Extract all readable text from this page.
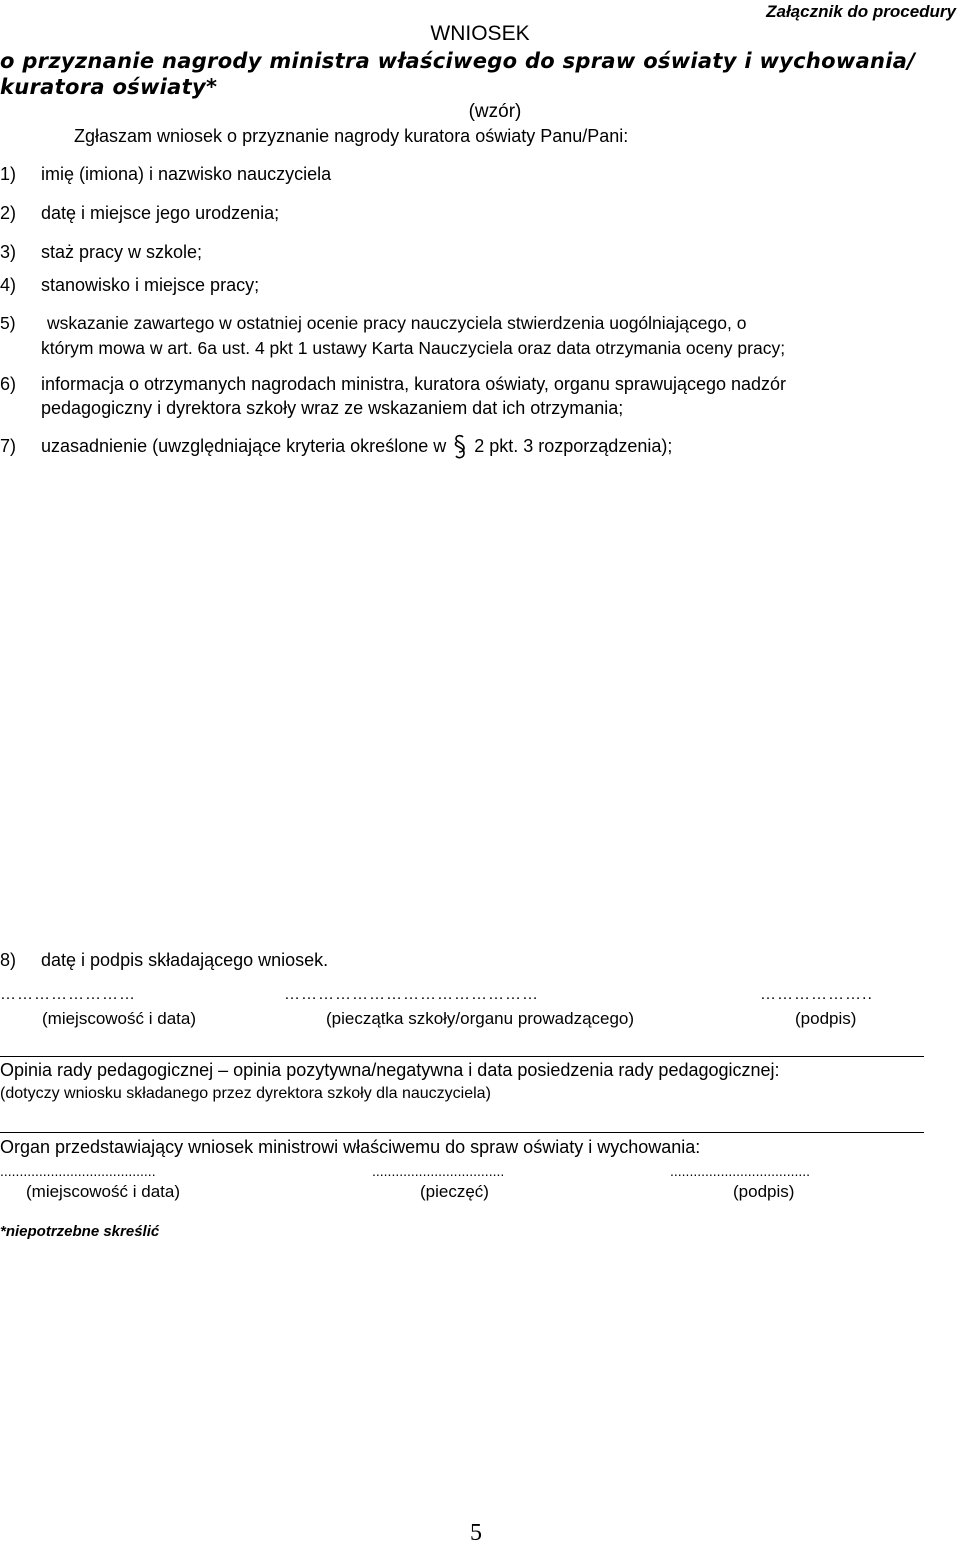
Załącznik do procedury
WNIOSEK
o przyznanie nagrody ministra właściwego do spraw oświaty i wychowania/ kuratora oświaty*
(wzór)
Zgłaszam wniosek o przyznanie nagrody kuratora oświaty Panu/Pani:
1) imię (imiona) i nazwisko nauczyciela
2) datę i miejsce jego urodzenia;
3) staż pracy w szkole;
4) stanowisko i miejsce pracy;
5) wskazanie zawartego w ostatniej ocenie pracy nauczyciela stwierdzenia uogólniającego, o
którym mowa w art. 6a ust. 4 pkt 1 ustawy Karta Nauczyciela oraz data otrzymania oceny pracy;
6) informacja o otrzymanych nagrodach ministra, kuratora oświaty, organu sprawującego nadzór
pedagogiczny i dyrektora szkoły wraz ze wskazaniem dat ich otrzymania;
7) uzasadnienie (uwzględniające kryteria określone w 2 pkt. 3 rozporządzenia);
8) datę i podpis składającego wniosek.
……………………	………………………………………	………………..
(miejscowość i data)	(pieczątka szkoły/organu prowadzącego)	(podpis)
Opinia rady pedagogicznej – opinia pozytywna/negatywna i data posiedzenia rady pedagogicznej:
(dotyczy wniosku składanego przez dyrektora szkoły dla nauczyciela)
Organ przedstawiający wniosek ministrowi właściwemu do spraw oświaty i wychowania:
........................................	..................................	....................................
(miejscowość i data)	(pieczęć)	(podpis)
*niepotrzebne skreślić
5
